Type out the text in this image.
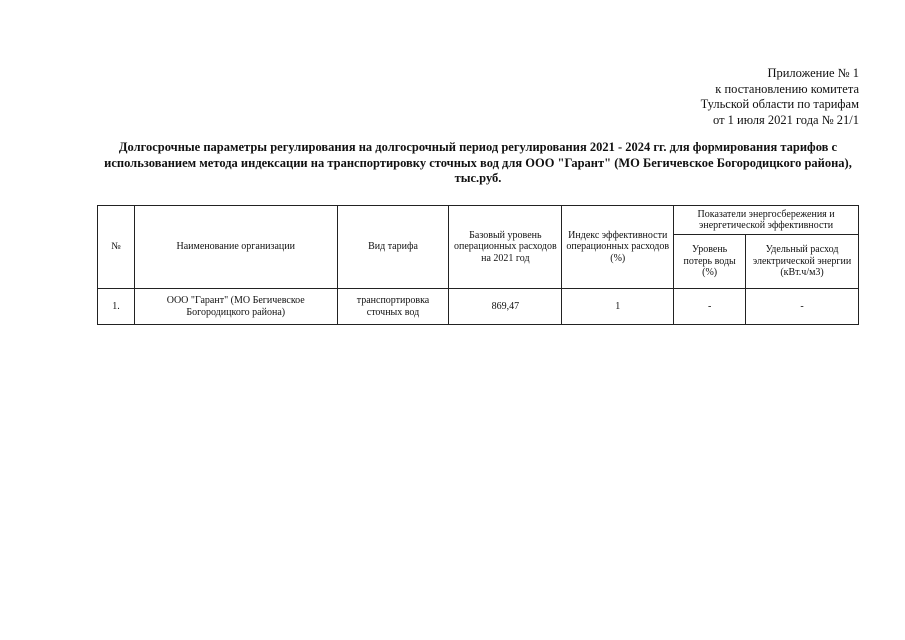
Приложение № 1
к постановлению комитета
Тульской области по тарифам
от 1 июля 2021 года № 21/1
Долгосрочные параметры регулирования на долгосрочный период регулирования 2021 - 2024 гг. для формирования тарифов с использованием метода индексации на транспортировку сточных вод для ООО "Гарант" (МО Бегичевское Богородицкого района), тыс.руб.
№	Наименование организации	Вид тарифа	Базовый уровень операционных расходов на 2021 год	Индекс эффективности операционных расходов (%)	Показатели энергосбережения и энергетической эффективности	
					Уровень потерь воды (%)	Удельный расход электрической энергии (кВт.ч/м3)
1.	ООО "Гарант" (МО Бегичевское Богородицкого района)	транспортировка сточных вод	869,47	1	-	-
